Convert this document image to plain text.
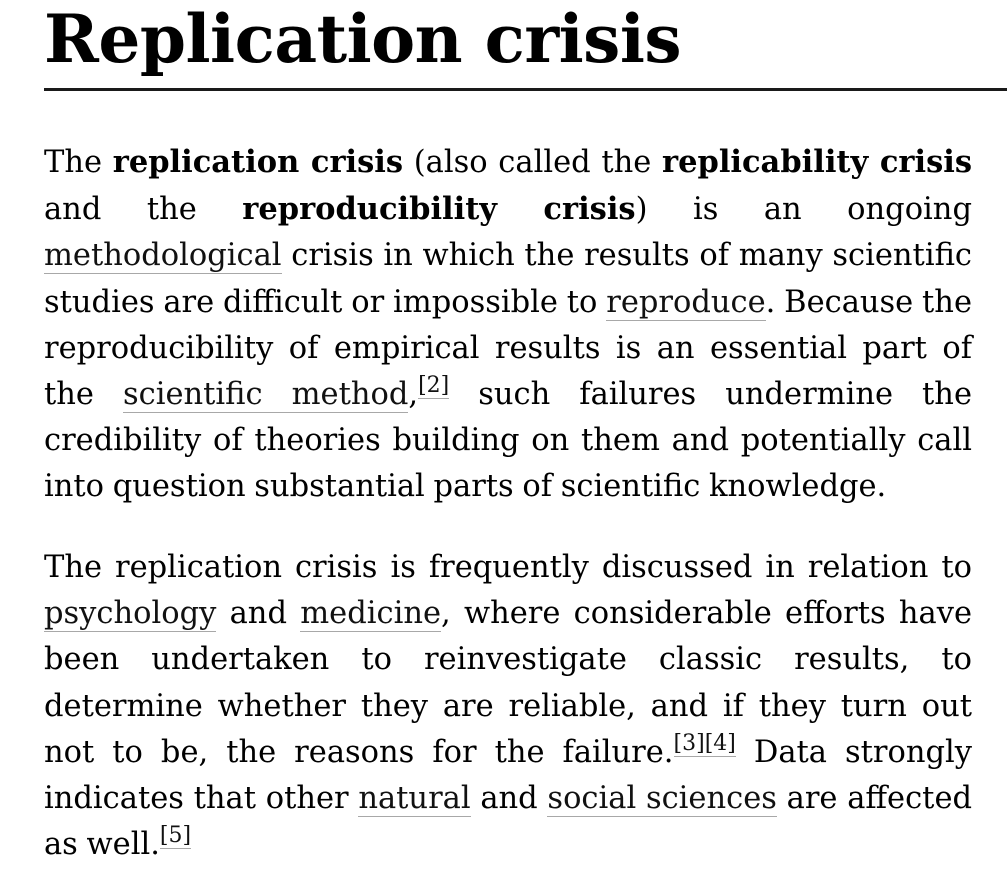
Replication crisis

The replication crisis (also called the replicability crisis and the reproducibility crisis) is an ongoing methodological crisis in which the results of many scientific studies are difficult or impossible to reproduce. Because the reproducibility of empirical results is an essential part of the scientific method,[2] such failures undermine the credibility of theories building on them and potentially call into question substantial parts of scientific knowledge.

The replication crisis is frequently discussed in relation to psychology and medicine, where considerable efforts have been undertaken to reinvestigate classic results, to determine whether they are reliable, and if they turn out not to be, the reasons for the failure.[3][4] Data strongly indicates that other natural and social sciences are affected as well.[5]
